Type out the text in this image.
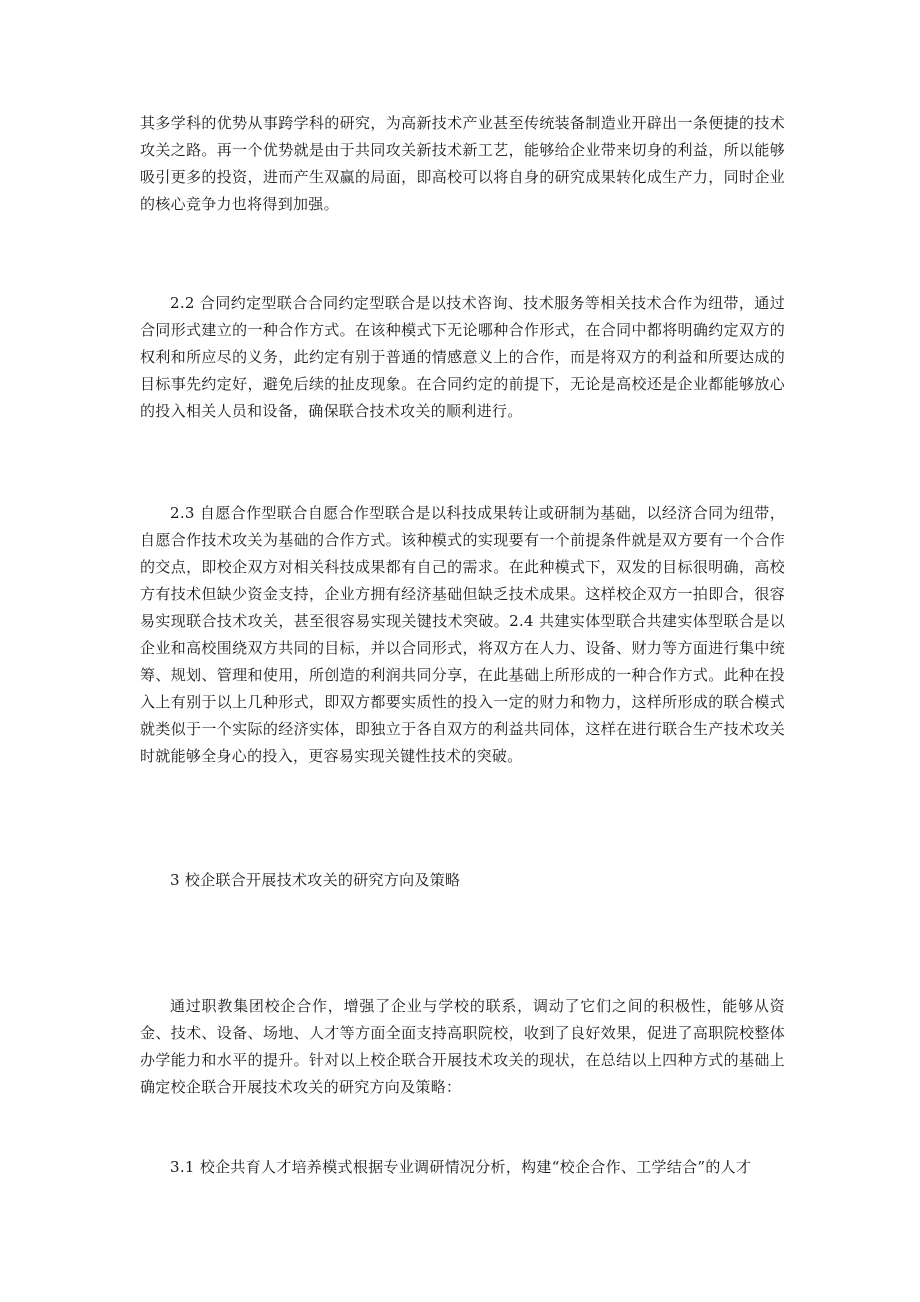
其多学科的优势从事跨学科的研究，为高新技术产业甚至传统装备制造业开辟出一条便捷的技术攻关之路。再一个优势就是由于共同攻关新技术新工艺，能够给企业带来切身的利益，所以能够吸引更多的投资，进而产生双赢的局面，即高校可以将自身的研究成果转化成生产力，同时企业的核心竞争力也将得到加强。

2.2 合同约定型联合合同约定型联合是以技术咨询、技术服务等相关技术合作为纽带，通过合同形式建立的一种合作方式。在该种模式下无论哪种合作形式，在合同中都将明确约定双方的权利和所应尽的义务，此约定有别于普通的情感意义上的合作，而是将双方的利益和所要达成的目标事先约定好，避免后续的扯皮现象。在合同约定的前提下，无论是高校还是企业都能够放心的投入相关人员和设备，确保联合技术攻关的顺利进行。

2.3 自愿合作型联合自愿合作型联合是以科技成果转让或研制为基础，以经济合同为纽带，自愿合作技术攻关为基础的合作方式。该种模式的实现要有一个前提条件就是双方要有一个合作的交点，即校企双方对相关科技成果都有自己的需求。在此种模式下，双发的目标很明确，高校方有技术但缺少资金支持，企业方拥有经济基础但缺乏技术成果。这样校企双方一拍即合，很容易实现联合技术攻关，甚至很容易实现关键技术突破。2.4 共建实体型联合共建实体型联合是以企业和高校围绕双方共同的目标，并以合同形式，将双方在人力、设备、财力等方面进行集中统筹、规划、管理和使用，所创造的利润共同分享，在此基础上所形成的一种合作方式。此种在投入上有别于以上几种形式，即双方都要实质性的投入一定的财力和物力，这样所形成的联合模式就类似于一个实际的经济实体，即独立于各自双方的利益共同体，这样在进行联合生产技术攻关时就能够全身心的投入，更容易实现关键性技术的突破。

3 校企联合开展技术攻关的研究方向及策略

通过职教集团校企合作，增强了企业与学校的联系，调动了它们之间的积极性，能够从资金、技术、设备、场地、人才等方面全面支持高职院校，收到了良好效果，促进了高职院校整体办学能力和水平的提升。针对以上校企联合开展技术攻关的现状，在总结以上四种方式的基础上确定校企联合开展技术攻关的研究方向及策略：

3.1 校企共育人才培养模式根据专业调研情况分析，构建“校企合作、工学结合”的人才
